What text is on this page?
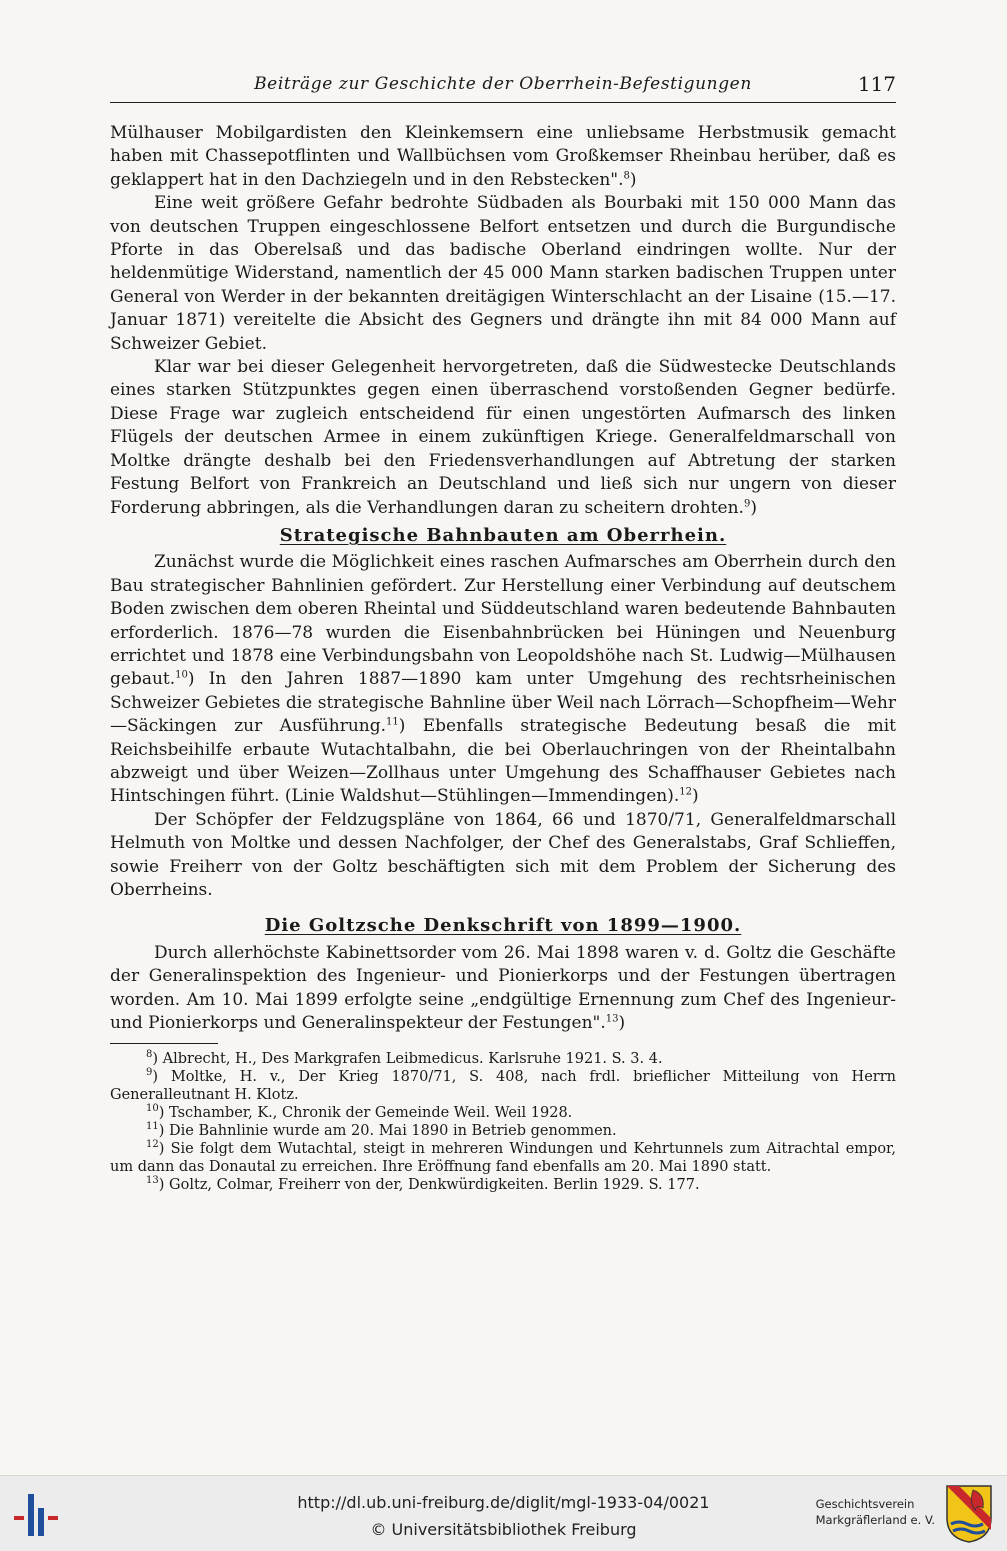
Beiträge zur Geschichte der Oberrhein-Befestigungen	117

Mülhauser Mobilgardisten den Kleinkemsern eine unliebsame Herbstmusik gemacht haben mit Chassepotflinten und Wallbüchsen vom Großkemser Rheinbau herüber, daß es geklappert hat in den Dachziegeln und in den Rebstecken".$^8$)

Eine weit größere Gefahr bedrohte Südbaden als Bourbaki mit 150 000 Mann das von deutschen Truppen eingeschlossene Belfort entsetzen und durch die Burgundische Pforte in das Oberelsaß und das badische Oberland eindringen wollte. Nur der heldenmütige Widerstand, namentlich der 45 000 Mann starken badischen Truppen unter General von Werder in der bekannten dreitägigen Winterschlacht an der Lisaine (15.—17. Januar 1871) vereitelte die Absicht des Gegners und drängte ihn mit 84 000 Mann auf Schweizer Gebiet.

Klar war bei dieser Gelegenheit hervorgetreten, daß die Südwestecke Deutschlands eines starken Stützpunktes gegen einen überraschend vorstoßenden Gegner bedürfe. Diese Frage war zugleich entscheidend für einen ungestörten Aufmarsch des linken Flügels der deutschen Armee in einem zukünftigen Kriege. Generalfeldmarschall von Moltke drängte deshalb bei den Friedensverhandlungen auf Abtretung der starken Festung Belfort von Frankreich an Deutschland und ließ sich nur ungern von dieser Forderung abbringen, als die Verhandlungen daran zu scheitern drohten.$^9$)

Strategische Bahnbauten am Oberrhein.

Zunächst wurde die Möglichkeit eines raschen Aufmarsches am Oberrhein durch den Bau strategischer Bahnlinien gefördert. Zur Herstellung einer Verbindung auf deutschem Boden zwischen dem oberen Rheintal und Süddeutschland waren bedeutende Bahnbauten erforderlich. 1876—78 wurden die Eisenbahnbrücken bei Hüningen und Neuenburg errichtet und 1878 eine Verbindungsbahn von Leopoldshöhe nach St. Ludwig—Mülhausen gebaut.$^{10}$) In den Jahren 1887—1890 kam unter Umgehung des rechtsrheinischen Schweizer Gebietes die strategische Bahnline über Weil nach Lörrach—Schopfheim—Wehr—Säckingen zur Ausführung.$^{11}$) Ebenfalls strategische Bedeutung besaß die mit Reichsbeihilfe erbaute Wutachtalbahn, die bei Oberlauchringen von der Rheintalbahn abzweigt und über Weizen—Zollhaus unter Umgehung des Schaffhauser Gebietes nach Hintschingen führt. (Linie Waldshut—Stühlingen—Immendingen).$^{12}$)

Der Schöpfer der Feldzugspläne von 1864, 66 und 1870/71, Generalfeldmarschall Helmuth von Moltke und dessen Nachfolger, der Chef des Generalstabs, Graf Schlieffen, sowie Freiherr von der Goltz beschäftigten sich mit dem Problem der Sicherung des Oberrheins.

Die Goltzsche Denkschrift von 1899—1900.

Durch allerhöchste Kabinettsorder vom 26. Mai 1898 waren v. d. Goltz die Geschäfte der Generalinspektion des Ingenieur- und Pionierkorps und der Festungen übertragen worden. Am 10. Mai 1899 erfolgte seine „endgültige Ernennung zum Chef des Ingenieur- und Pionierkorps und Generalinspekteur der Festungen".$^{13}$)

$^8$) Albrecht, H., Des Markgrafen Leibmedicus. Karlsruhe 1921. S. 3. 4.

$^9$) Moltke, H. v., Der Krieg 1870/71, S. 408, nach frdl. brieflicher Mitteilung von Herrn Generalleutnant H. Klotz.

$^{10}$) Tschamber, K., Chronik der Gemeinde Weil. Weil 1928.

$^{11}$) Die Bahnlinie wurde am 20. Mai 1890 in Betrieb genommen.

$^{12}$) Sie folgt dem Wutachtal, steigt in mehreren Windungen und Kehrtunnels zum Aitrachtal empor, um dann das Donautal zu erreichen. Ihre Eröffnung fand ebenfalls am 20. Mai 1890 statt.

$^{13}$) Goltz, Colmar, Freiherr von der, Denkwürdigkeiten. Berlin 1929. S. 177.

http://dl.ub.uni-freiburg.de/diglit/mgl-1933-04/0021
© Universitätsbibliothek Freiburg
Geschichtsverein
Markgräflerland e. V.
